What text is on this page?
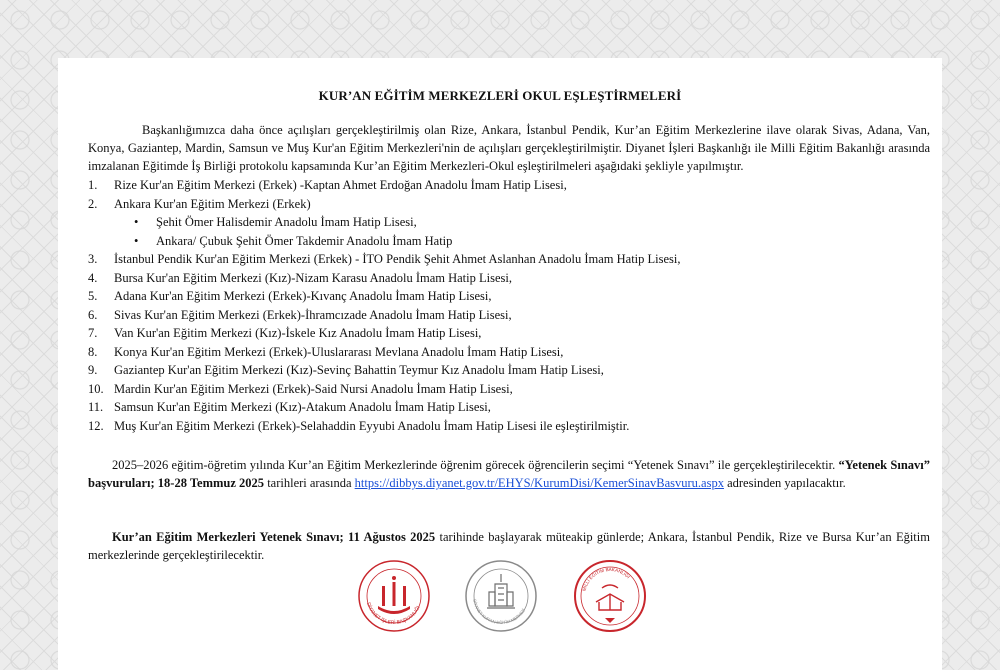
KUR’AN EĞİTİM MERKEZLERİ OKUL EŞLEŞTİRMELERİ
Başkanlığımızca daha önce açılışları gerçekleştirilmiş olan Rize, Ankara, İstanbul Pendik, Kur’an Eğitim Merkezlerine ilave olarak Sivas, Adana, Van, Konya, Gaziantep, Mardin, Samsun ve Muş Kur'an Eğitim Merkezleri'nin de açılışları gerçekleştirilmiştir. Diyanet İşleri Başkanlığı ile Milli Eğitim Bakanlığı arasında imzalanan Eğitimde İş Birliği protokolu kapsamında Kur’an Eğitim Merkezleri-Okul eşleştirilmeleri aşağıdaki şekliyle yapılmıştır.
1. Rize Kur'an Eğitim Merkezi (Erkek) -Kaptan Ahmet Erdoğan Anadolu İmam Hatip Lisesi,
2. Ankara Kur'an Eğitim Merkezi (Erkek)
• Şehit Ömer Halisdemir Anadolu İmam Hatip Lisesi,
• Ankara/ Çubuk Şehit Ömer Takdemir Anadolu İmam Hatip
3. İstanbul Pendik Kur'an Eğitim Merkezi (Erkek) - İTO Pendik Şehit Ahmet Aslanhan Anadolu İmam Hatip Lisesi,
4. Bursa Kur'an Eğitim Merkezi (Kız)-Nizam Karasu Anadolu İmam Hatip Lisesi,
5. Adana Kur'an Eğitim Merkezi (Erkek)-Kıvanç Anadolu İmam Hatip Lisesi,
6. Sivas Kur'an Eğitim Merkezi (Erkek)-İhramcızade Anadolu İmam Hatip Lisesi,
7. Van Kur'an Eğitim Merkezi (Kız)-İskele Kız Anadolu İmam Hatip Lisesi,
8. Konya Kur'an Eğitim Merkezi (Erkek)-Uluslararası Mevlana Anadolu İmam Hatip Lisesi,
9. Gaziantep Kur'an Eğitim Merkezi (Kız)-Sevinç Bahattin Teymur Kız Anadolu İmam Hatip Lisesi,
10. Mardin Kur'an Eğitim Merkezi (Erkek)-Said Nursi Anadolu İmam Hatip Lisesi,
11. Samsun Kur'an Eğitim Merkezi (Kız)-Atakum Anadolu İmam Hatip Lisesi,
12. Muş Kur'an Eğitim Merkezi (Erkek)-Selahaddin Eyyubi Anadolu İmam Hatip Lisesi ile eşleştirilmiştir.
2025–2026 eğitim-öğretim yılında Kur’an Eğitim Merkezlerinde öğrenim görecek öğrencilerin seçimi “Yetenek Sınavı” ile gerçekleştirilecektir. “Yetenek Sınavı” başvuruları; 18-28 Temmuz 2025 tarihleri arasında https://dibbys.diyanet.gov.tr/EHYS/KurumDisi/KemerSinavBasvuru.aspx adresinden yapılacaktır.
Kur’an Eğitim Merkezleri Yetenek Sınavı; 11 Ağustos 2025 tarihinde başlayarak müteakip günlerde; Ankara, İstanbul Pendik, Rize ve Bursa Kur’an Eğitim merkezlerinde gerçekleştirilecektir.
DİYANET İŞLERİ BAŞKANLIĞI
DİYANET KUR'AN EĞİTİM MERKEZİ
MİLLİ EĞİTİM BAKANLIĞI
